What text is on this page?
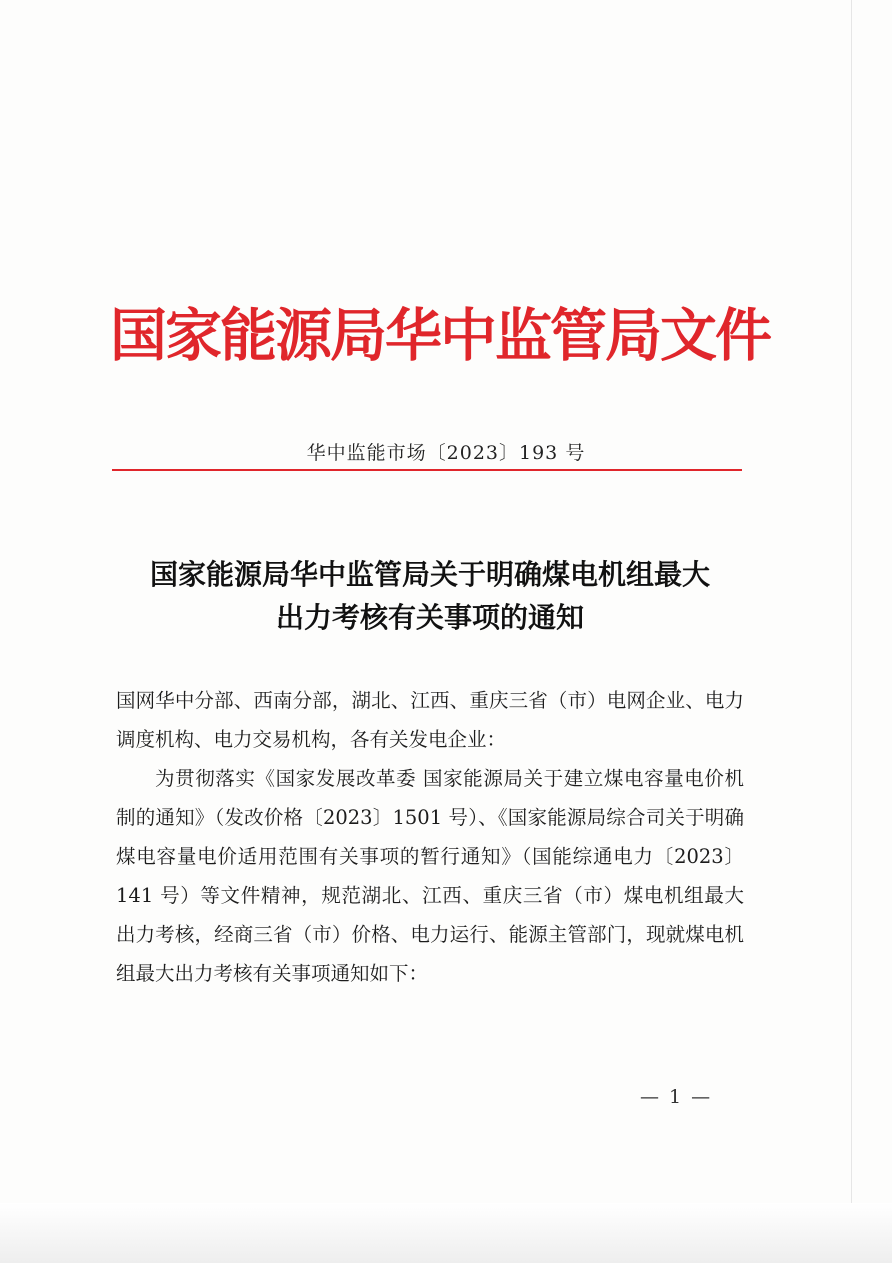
国家能源局华中监管局文件
华中监能市场〔2023〕193 号
国家能源局华中监管局关于明确煤电机组最大
出力考核有关事项的通知

国网华中分部、西南分部，湖北、江西、重庆三省（市）电网企业、电力调度机构、电力交易机构，各有关发电企业：

为贯彻落实《国家发展改革委 国家能源局关于建立煤电容量电价机制的通知》（发改价格〔2023〕1501 号）、《国家能源局综合司关于明确煤电容量电价适用范围有关事项的暂行通知》（国能综通电力〔2023〕141 号）等文件精神，规范湖北、江西、重庆三省（市）煤电机组最大出力考核，经商三省（市）价格、电力运行、能源主管部门，现就煤电机组最大出力考核有关事项通知如下：

— 1 —
